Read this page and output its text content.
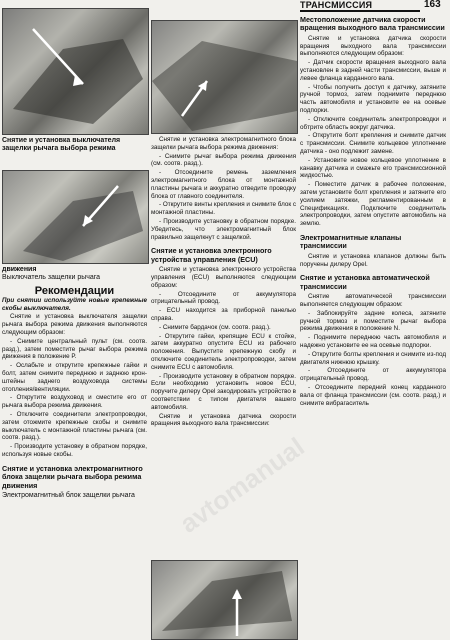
ТРАНСМИССИЯ	163
Снятие и установка выключателя
защелки рычага выбора режима
движения
Выключатель защелки рычага
Рекомендации

При снятии используйте новые крепежные скобы выключателя.

Снятие и установка выключателя защелки рычага выбора режима движения выполняются следующим образом:

- Снимите центральный пульт (см. соотв. разд.), затем поместите рычаг выбора режима движения в положение P.

- Ослабьте и открутите крепежные гайки и болт, затем снимите переднюю и заднюю кронштейны заднего воздуховода системы отопления/вентиляции.

- Открутите воздуховод и сместите его от рычага выбора режима движения.

- Отключите соединители электропроводки, затем отожмите крепежные скобы и снимите выключатель с монтажной пластины рычага (см. соотв. разд.).

- Производите установку в обратном порядке, используя новые скобы.

Снятие и установка электромагнитного блока защелки рычага выбора режима движения

Электромагнитный блок защелки рычага

Снятие и установка электромагнитного блока защелки рычага выбора режима движения:

- Снимите рычаг выбора режима движения (см. соотв. разд.).

- Отсоедините ремень заземления электромагнитного блока от монтажной пластины рычага и аккуратно отведите проводку блока от главного соединителя.

- Открутите винты крепления и снимите блок с монтажной пластины.

- Производите установку в обратном порядке. Убедитесь, что электромагнитный блок правильно защелкнут с защелкой.

Снятие и установка электронного устройства управления (ECU)

Снятие и установка электронного устройства управления (ECU) выполняются следующим образом:

- Отсоедините от аккумулятора отрицательный провод.

- ECU находится за приборной панелью справа.

- Снимите бардачок (см. соотв. разд.).

- Открутите гайки, крепящие ECU к стойке, затем аккуратно опустите ECU из рабочего положения. Выпустите крепежную скобу и отключите соединитель электропроводки, затем снимите ECU с автомобиля.

- Производите установку в обратном порядке. Если необходимо установить новое ECU, поручите дилеру Opel закодировать устройство в соответствии с типом двигателя вашего автомобиля.

Снятие и установка датчика скорости вращения выходного вала трансмиссии:

Местоположение датчика скорости вращения выходного вала трансмиссии

Снятие и установка датчика скорости вращения выходного вала трансмиссии выполняются следующим образом:

- Датчик скорости вращения выходного вала установлен в задней части трансмиссии, выше и левее фланца карданного вала.

- Чтобы получить доступ к датчику, затяните ручной тормоз, затем поднимите переднюю часть автомобиля и установите ее на осевые подпорки.

- Отключите соединитель электропроводки и обтрите область вокруг датчика.

- Открутите болт крепления и снимите датчик с трансмиссии. Снимите кольцевое уплотнение датчика - оно подлежит замене.

- Установите новое кольцевое уплотнение в канавку датчика и смажьте его трансмиссионной жидкостью.

- Поместите датчик в рабочее положение, затем установите болт крепления и затяните его усилием затяжки, регламентированным в Спецификациях. Подключите соединитель электропроводки, затем опустите автомобиль на землю.

Электромагнитные клапаны трансмиссии

Снятие и установка клапанов должны быть поручены дилеру Opel.

Снятие и установка автоматической трансмиссии

Снятие автоматической трансмиссии выполняется следующим образом:

- Заблокируйте задние колеса, затяните ручной тормоз и поместите рычаг выбора режима движения в положение N.

- Поднимите переднюю часть автомобиля и надежно установите ее на осевые подпорки.

- Открутите болты крепления и снимите из-под двигателя нижнюю крышку.

- Отсоедините от аккумулятора отрицательный провод.

- Отсоедините передний конец карданного вала от фланца трансмиссии (см. соотв. разд.) и снимите вибрагаситель

avtomanual
